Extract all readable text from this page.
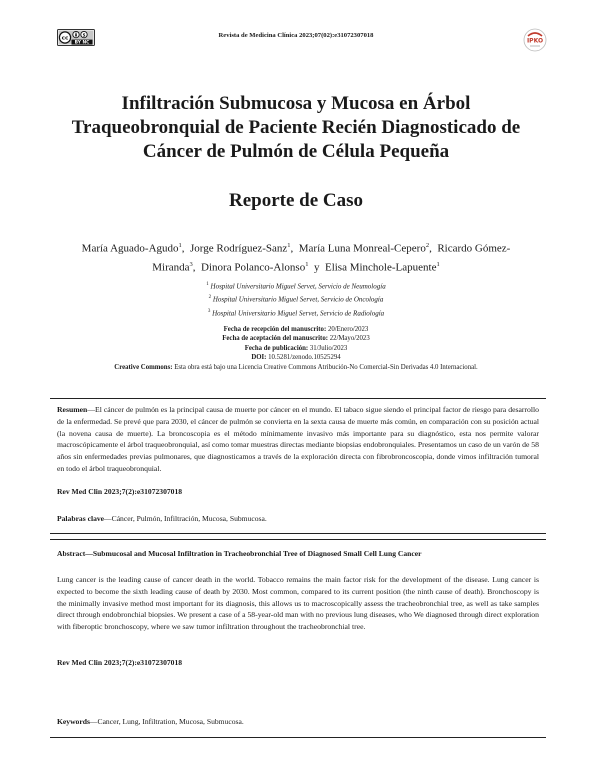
cc
BY NC
$	Revista de Medicina Clínica 2023;07(02):e31072307018
IPKO
Infiltración Submucosa y Mucosa en Árbol
Traqueobronquial de Paciente Recién Diagnosticado de
Cáncer de Pulmón de Célula Pequeña
Reporte de Caso
María Aguado-Agudo$^1$,  Jorge Rodríguez-Sanz$^1$,  María Luna Monreal-Cepero$^2$,  Ricardo Gómez-Miranda$^3$,  Dinora Polanco-Alonso$^1$ y Elisa Minchole-Lapuente$^1$
$^1$ Hospital Universitario Miguel Servet, Servicio de Neumología
$^2$ Hospital Universitario Miguel Servet, Servicio de Oncología
$^3$ Hospital Universitario Miguel Servet, Servicio de Radiología
Fecha de recepción del manuscrito: 20/Enero/2023
Fecha de aceptación del manuscrito: 22/Mayo/2023
Fecha de publicación: 31/Julio/2023
DOI: 10.5281/zenodo.10525294
Creative Commons: Esta obra está bajo una Licencia Creative Commons Atribución-No Comercial-Sin Derivadas 4.0 Internacional.
Resumen—El cáncer de pulmón es la principal causa de muerte por cáncer en el mundo. El tabaco sigue siendo el principal factor de riesgo para desarrollo de la enfermedad. Se prevé que para 2030, el cáncer de pulmón se convierta en la sexta causa de muerte más común, en comparación con su posición actual (la novena causa de muerte). La broncoscopia es el método mínimamente invasivo más importante para su diagnóstico, esta nos permite valorar macroscópicamente el árbol traqueobronquial, así como tomar muestras directas mediante biopsias endobronquiales. Presentamos un caso de un varón de 58 años sin enfermedades previas pulmonares, que diagnosticamos a través de la exploración directa con fibrobroncoscopia, donde vimos infiltración tumoral en todo el árbol traqueobronquial.
Rev Med Clin 2023;7(2):e31072307018
Palabras clave—Cáncer, Pulmón, Infiltración, Mucosa, Submucosa.
Abstract—Submucosal and Mucosal Infiltration in Tracheobronchial Tree of Diagnosed Small Cell Lung Cancer
Lung cancer is the leading cause of cancer death in the world. Tobacco remains the main factor risk for the development of the disease. Lung cancer is expected to become the sixth leading cause of death by 2030. Most common, compared to its current position (the ninth cause of death). Bronchoscopy is the minimally invasive method most important for its diagnosis, this allows us to macroscopically assess the tracheobronchial tree, as well as take samples direct through endobronchial biopsies. We present a case of a 58-year-old man with no previous lung diseases, who We diagnosed through direct exploration with fiberoptic bronchoscopy, where we saw tumor infiltration throughout the tracheobronchial tree.
Rev Med Clin 2023;7(2):e31072307018
Keywords—Cancer, Lung, Infiltration, Mucosa, Submucosa.
